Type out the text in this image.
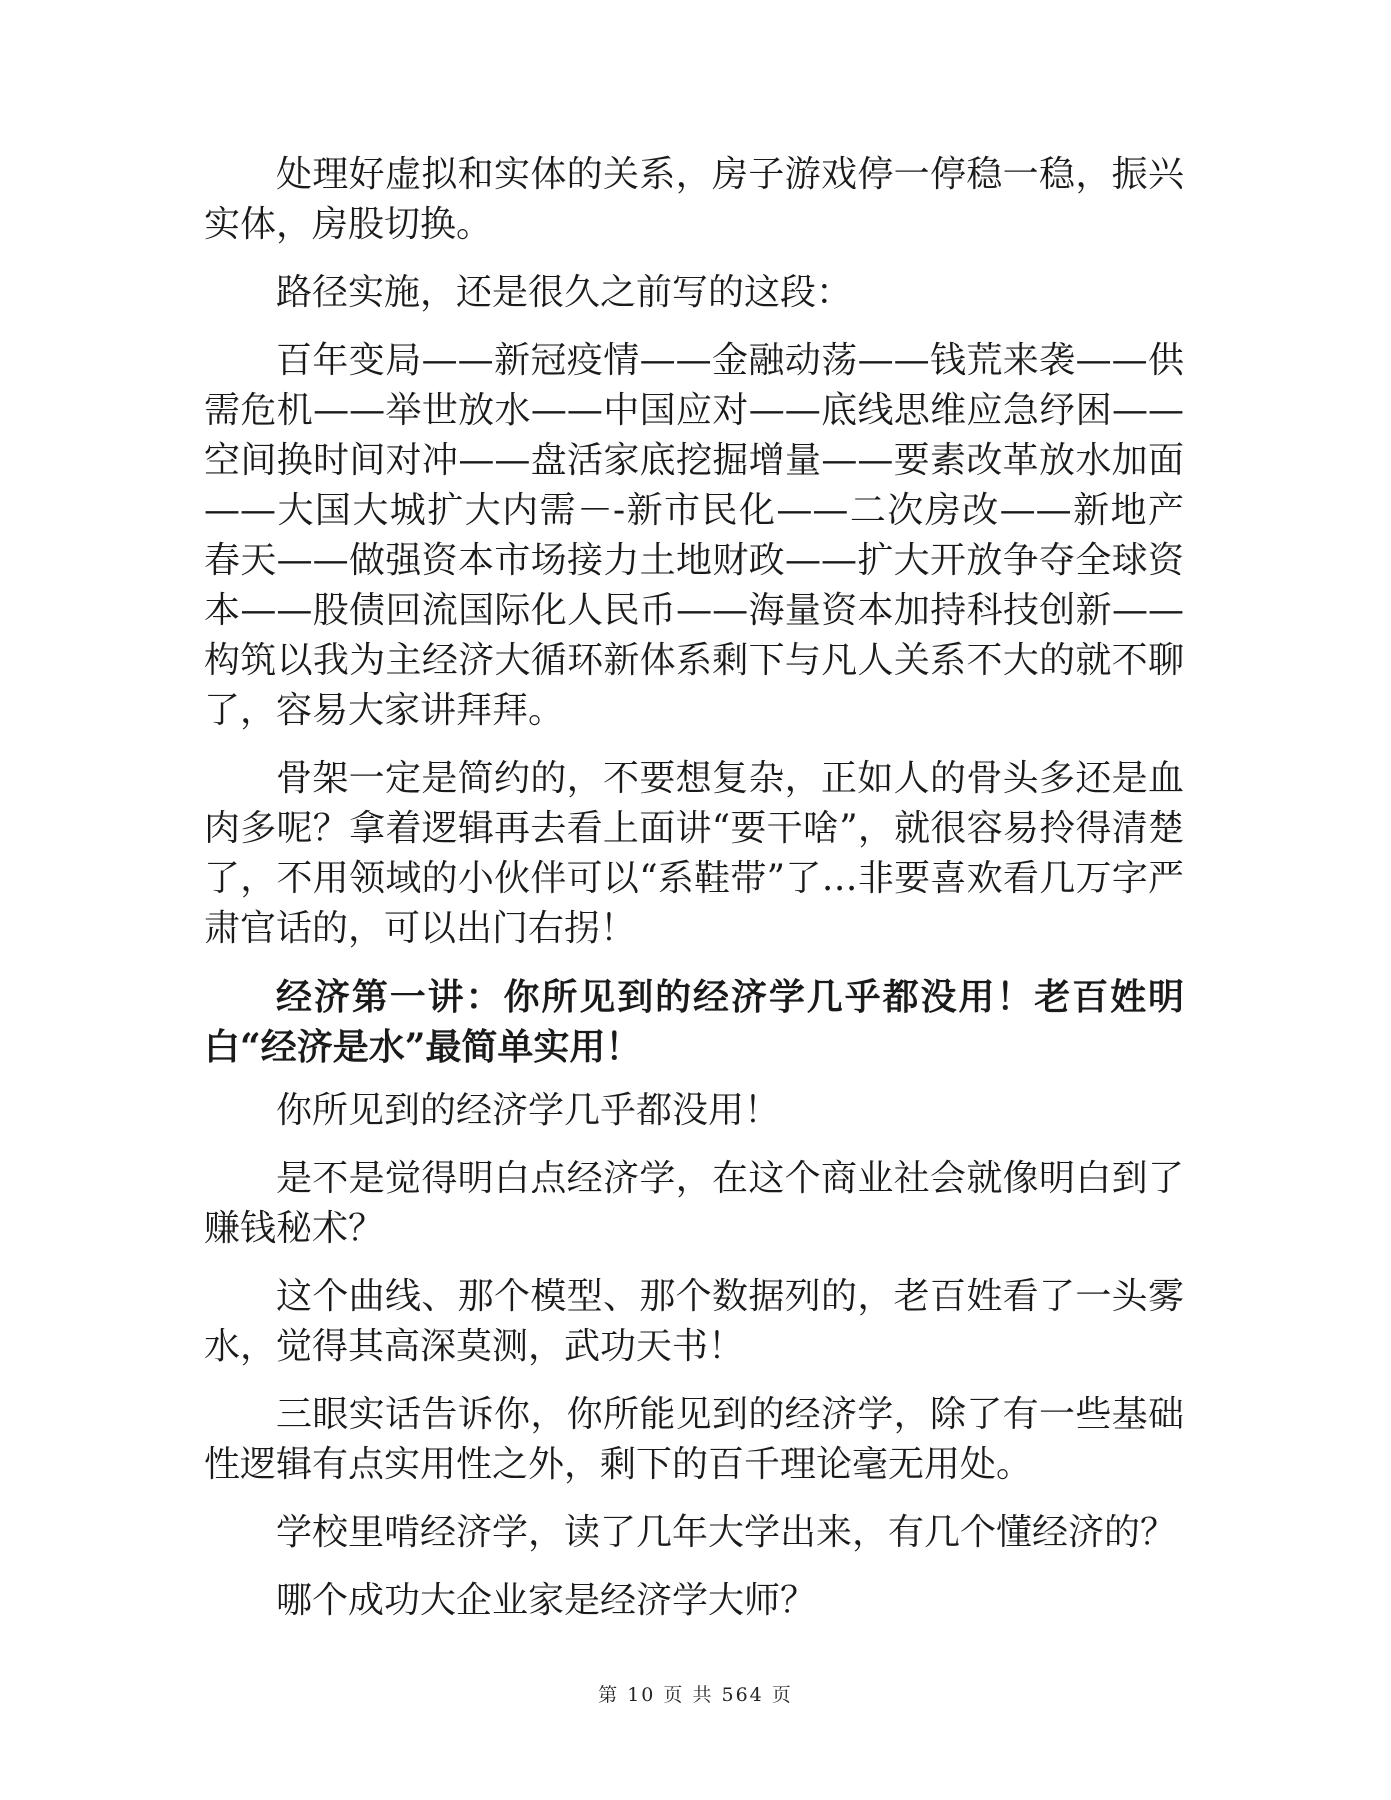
处理好虚拟和实体的关系，房子游戏停一停稳一稳，振兴实体，房股切换。

路径实施，还是很久之前写的这段：

百年变局——新冠疫情——金融动荡——钱荒来袭——供需危机——举世放水——中国应对——底线思维应急纾困——空间换时间对冲——盘活家底挖掘增量——要素改革放水加面——大国大城扩大内需－-新市民化——二次房改——新地产春天——做强资本市场接力土地财政——扩大开放争夺全球资本——股债回流国际化人民币——海量资本加持科技创新——构筑以我为主经济大循环新体系剩下与凡人关系不大的就不聊了，容易大家讲拜拜。

骨架一定是简约的，不要想复杂，正如人的骨头多还是血肉多呢？拿着逻辑再去看上面讲“要干啥”，就很容易拎得清楚了，不用领域的小伙伴可以“系鞋带”了…非要喜欢看几万字严肃官话的，可以出门右拐！

经济第一讲：你所见到的经济学几乎都没用！老百姓明白“经济是水”最简单实用！

你所见到的经济学几乎都没用！

是不是觉得明白点经济学，在这个商业社会就像明白到了赚钱秘术？

这个曲线、那个模型、那个数据列的，老百姓看了一头雾水，觉得其高深莫测，武功天书！

三眼实话告诉你，你所能见到的经济学，除了有一些基础性逻辑有点实用性之外，剩下的百千理论毫无用处。

学校里啃经济学，读了几年大学出来，有几个懂经济的？

哪个成功大企业家是经济学大师？

第 10 页 共 564 页
